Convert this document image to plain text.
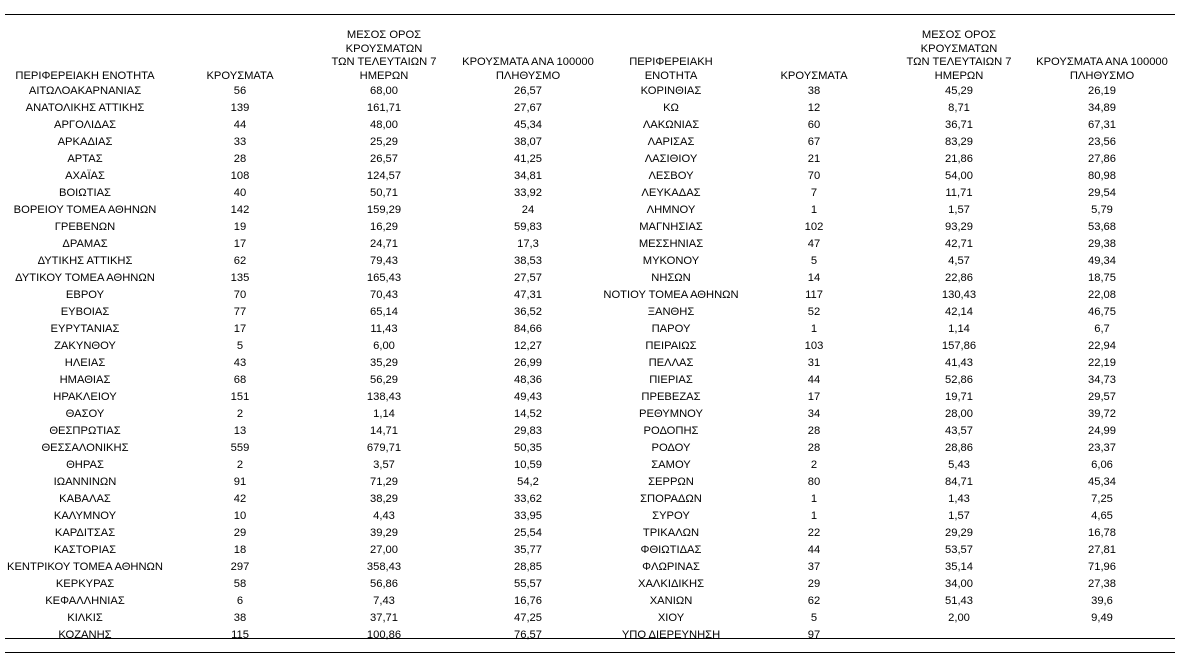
ΠΕΡΙΦΕΡΕΙΑΚΗ ΕΝΟΤΗΤΑ	ΚΡΟΥΣΜΑΤΑ	ΜΕΣΟΣ ΟΡΟΣ ΚΡΟΥΣΜΑΤΩΝ
ΤΩΝ ΤΕΛΕΥΤΑΙΩΝ 7
ΗΜΕΡΩΝ	ΚΡΟΥΣΜΑΤΑ ΑΝΑ 100000
ΠΛΗΘΥΣΜΟ	ΠΕΡΙΦΕΡΕΙΑΚΗ ΕΝΟΤΗΤΑ	ΚΡΟΥΣΜΑΤΑ	ΜΕΣΟΣ ΟΡΟΣ ΚΡΟΥΣΜΑΤΩΝ
ΤΩΝ ΤΕΛΕΥΤΑΙΩΝ 7
ΗΜΕΡΩΝ	ΚΡΟΥΣΜΑΤΑ ΑΝΑ 100000
ΠΛΗΘΥΣΜΟ
ΑΙΤΩΛΟΑΚΑΡΝΑΝΙΑΣ	56	68,00	26,57	ΚΟΡΙΝΘΙΑΣ	38	45,29	26,19
ΑΝΑΤΟΛΙΚΗΣ ΑΤΤΙΚΗΣ	139	161,71	27,67	ΚΩ	12	8,71	34,89
ΑΡΓΟΛΙΔΑΣ	44	48,00	45,34	ΛΑΚΩΝΙΑΣ	60	36,71	67,31
ΑΡΚΑΔΙΑΣ	33	25,29	38,07	ΛΑΡΙΣΑΣ	67	83,29	23,56
ΑΡΤΑΣ	28	26,57	41,25	ΛΑΣΙΘΙΟΥ	21	21,86	27,86
ΑΧΑΪΑΣ	108	124,57	34,81	ΛΕΣΒΟΥ	70	54,00	80,98
ΒΟΙΩΤΙΑΣ	40	50,71	33,92	ΛΕΥΚΑΔΑΣ	7	11,71	29,54
ΒΟΡΕΙΟΥ ΤΟΜΕΑ ΑΘΗΝΩΝ	142	159,29	24	ΛΗΜΝΟΥ	1	1,57	5,79
ΓΡΕΒΕΝΩΝ	19	16,29	59,83	ΜΑΓΝΗΣΙΑΣ	102	93,29	53,68
ΔΡΑΜΑΣ	17	24,71	17,3	ΜΕΣΣΗΝΙΑΣ	47	42,71	29,38
ΔΥΤΙΚΗΣ ΑΤΤΙΚΗΣ	62	79,43	38,53	ΜΥΚΟΝΟΥ	5	4,57	49,34
ΔΥΤΙΚΟΥ ΤΟΜΕΑ ΑΘΗΝΩΝ	135	165,43	27,57	ΝΗΣΩΝ	14	22,86	18,75
ΕΒΡΟΥ	70	70,43	47,31	ΝΟΤΙΟΥ ΤΟΜΕΑ ΑΘΗΝΩΝ	117	130,43	22,08
ΕΥΒΟΙΑΣ	77	65,14	36,52	ΞΑΝΘΗΣ	52	42,14	46,75
ΕΥΡΥΤΑΝΙΑΣ	17	11,43	84,66	ΠΑΡΟΥ	1	1,14	6,7
ΖΑΚΥΝΘΟΥ	5	6,00	12,27	ΠΕΙΡΑΙΩΣ	103	157,86	22,94
ΗΛΕΙΑΣ	43	35,29	26,99	ΠΕΛΛΑΣ	31	41,43	22,19
ΗΜΑΘΙΑΣ	68	56,29	48,36	ΠΙΕΡΙΑΣ	44	52,86	34,73
ΗΡΑΚΛΕΙΟΥ	151	138,43	49,43	ΠΡΕΒΕΖΑΣ	17	19,71	29,57
ΘΑΣΟΥ	2	1,14	14,52	ΡΕΘΥΜΝΟΥ	34	28,00	39,72
ΘΕΣΠΡΩΤΙΑΣ	13	14,71	29,83	ΡΟΔΟΠΗΣ	28	43,57	24,99
ΘΕΣΣΑΛΟΝΙΚΗΣ	559	679,71	50,35	ΡΟΔΟΥ	28	28,86	23,37
ΘΗΡΑΣ	2	3,57	10,59	ΣΑΜΟΥ	2	5,43	6,06
ΙΩΑΝΝΙΝΩΝ	91	71,29	54,2	ΣΕΡΡΩΝ	80	84,71	45,34
ΚΑΒΑΛΑΣ	42	38,29	33,62	ΣΠΟΡΑΔΩΝ	1	1,43	7,25
ΚΑΛΥΜΝΟΥ	10	4,43	33,95	ΣΥΡΟΥ	1	1,57	4,65
ΚΑΡΔΙΤΣΑΣ	29	39,29	25,54	ΤΡΙΚΑΛΩΝ	22	29,29	16,78
ΚΑΣΤΟΡΙΑΣ	18	27,00	35,77	ΦΘΙΩΤΙΔΑΣ	44	53,57	27,81
ΚΕΝΤΡΙΚΟΥ ΤΟΜΕΑ ΑΘΗΝΩΝ	297	358,43	28,85	ΦΛΩΡΙΝΑΣ	37	35,14	71,96
ΚΕΡΚΥΡΑΣ	58	56,86	55,57	ΧΑΛΚΙΔΙΚΗΣ	29	34,00	27,38
ΚΕΦΑΛΛΗΝΙΑΣ	6	7,43	16,76	ΧΑΝΙΩΝ	62	51,43	39,6
ΚΙΛΚΙΣ	38	37,71	47,25	ΧΙΟΥ	5	2,00	9,49
ΚΟΖΑΝΗΣ	115	100,86	76,57	ΥΠΟ ΔΙΕΡΕΥΝΗΣΗ	97		
